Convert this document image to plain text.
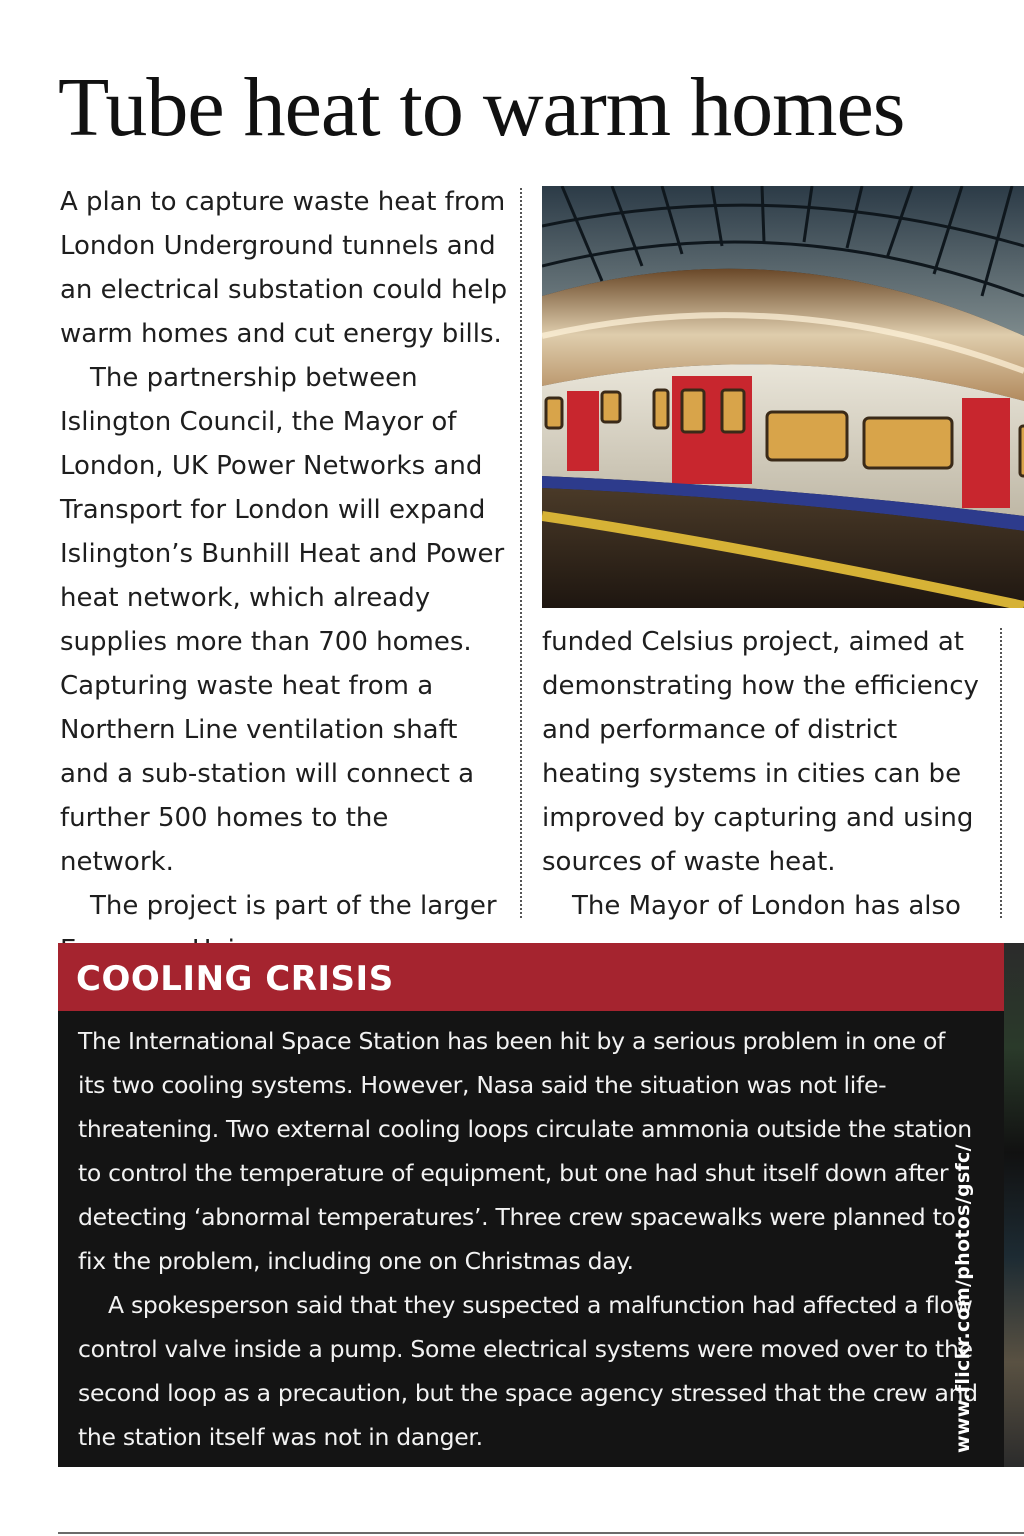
Tube heat to warm homes

A plan to capture waste heat from London Underground tunnels and an electrical substation could help warm homes and cut energy bills.

The partnership between Islington Council, the Mayor of London, UK Power Networks and Transport for London will expand Islington’s Bunhill Heat and Power heat network, which already supplies more than 700 homes. Capturing waste heat from a Northern Line ventilation shaft and a sub-station will connect a further 500 homes to the network.

The project is part of the larger

funded Celsius project, aimed at demonstrating how the efficiency and performance of district heating systems in cities can be improved by capturing and using sources of waste heat.

The Mayor of London has also

COOLING CRISIS

The International Space Station has been hit by a serious problem in one of its two cooling systems. However, Nasa said the situation was not life-threatening. Two external cooling loops circulate ammonia outside the station to control the temperature of equipment, but one had shut itself down after detecting ‘abnormal temperatures’. Three crew spacewalks were planned to fix the problem, including one on Christmas day.

A spokesperson said that they suspected a malfunction had affected a flow control valve inside a pump. Some electrical systems were moved over to the second loop as a precaution, but the space agency stressed that the crew and the station itself was not in danger.	www.flickr.com/photos/gsfc/
